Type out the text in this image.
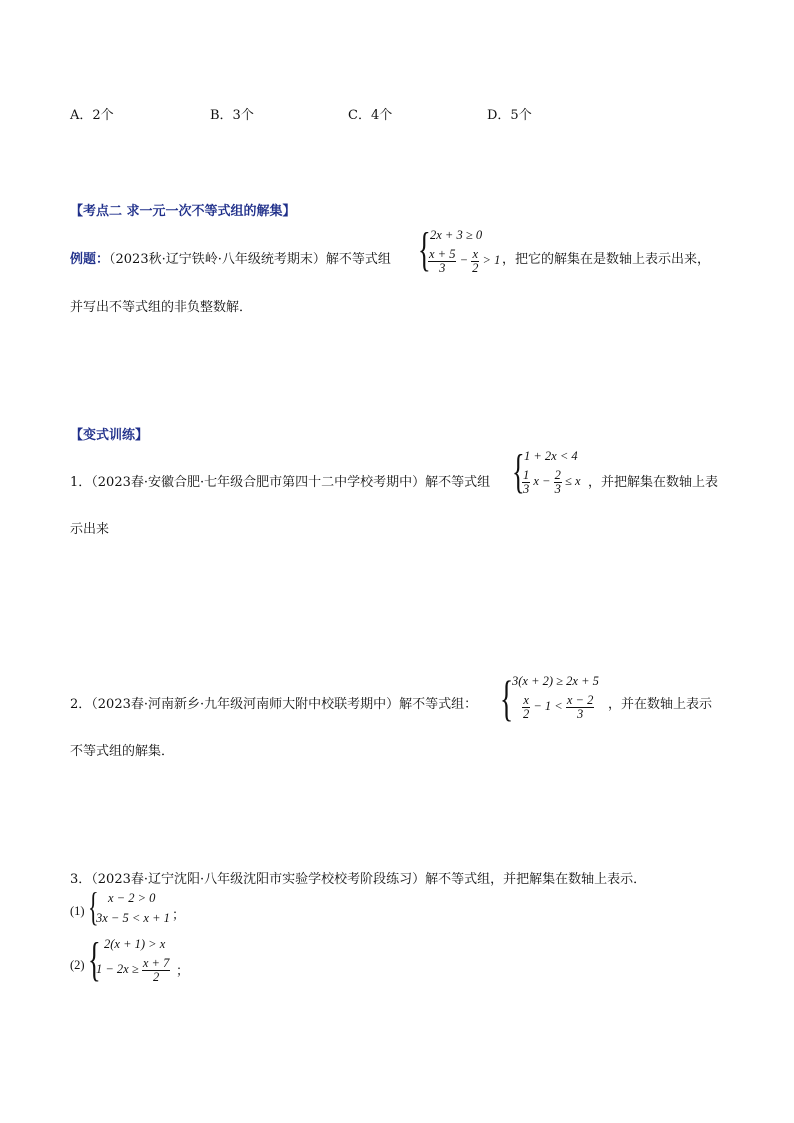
A．2个	B．3个	C．4个	D．5个
【考点二 求一元一次不等式组的解集】
例题：（2023秋·辽宁铁岭·八年级统考期末）解不等式组 { 2x + 3 ≥ 0
$\frac{x + 5}{3} - \frac{x}{2} > 1$ ，把它的解集在是数轴上表示出来，
并写出不等式组的非负整数解．
【变式训练】
1．（2023春·安徽合肥·七年级合肥市第四十二中学校考期中）解不等式组 { 1 + 2x < 4
$\frac{1}{3}$ $x - \frac{2}{3} \le x$ ，并把解集在数轴上表
示出来
2．（2023春·河南新乡·九年级河南师大附中校联考期中）解不等式组： {
3(x + 2) ≥ 2x + 5
$\frac{x}{2} - 1 < \frac{x - 2}{3}$ ，并在数轴上表示
不等式组的解集．
3．（2023春·辽宁沈阳·八年级沈阳市实验学校校考阶段练习）解不等式组，并把解集在数轴上表示．
(1) { x − 2 > 0
3x − 5 < x + 1 ；
(2) { 2(x + 1) > x
$1 - 2x \ge \frac{x + 7}{2}$ ；
